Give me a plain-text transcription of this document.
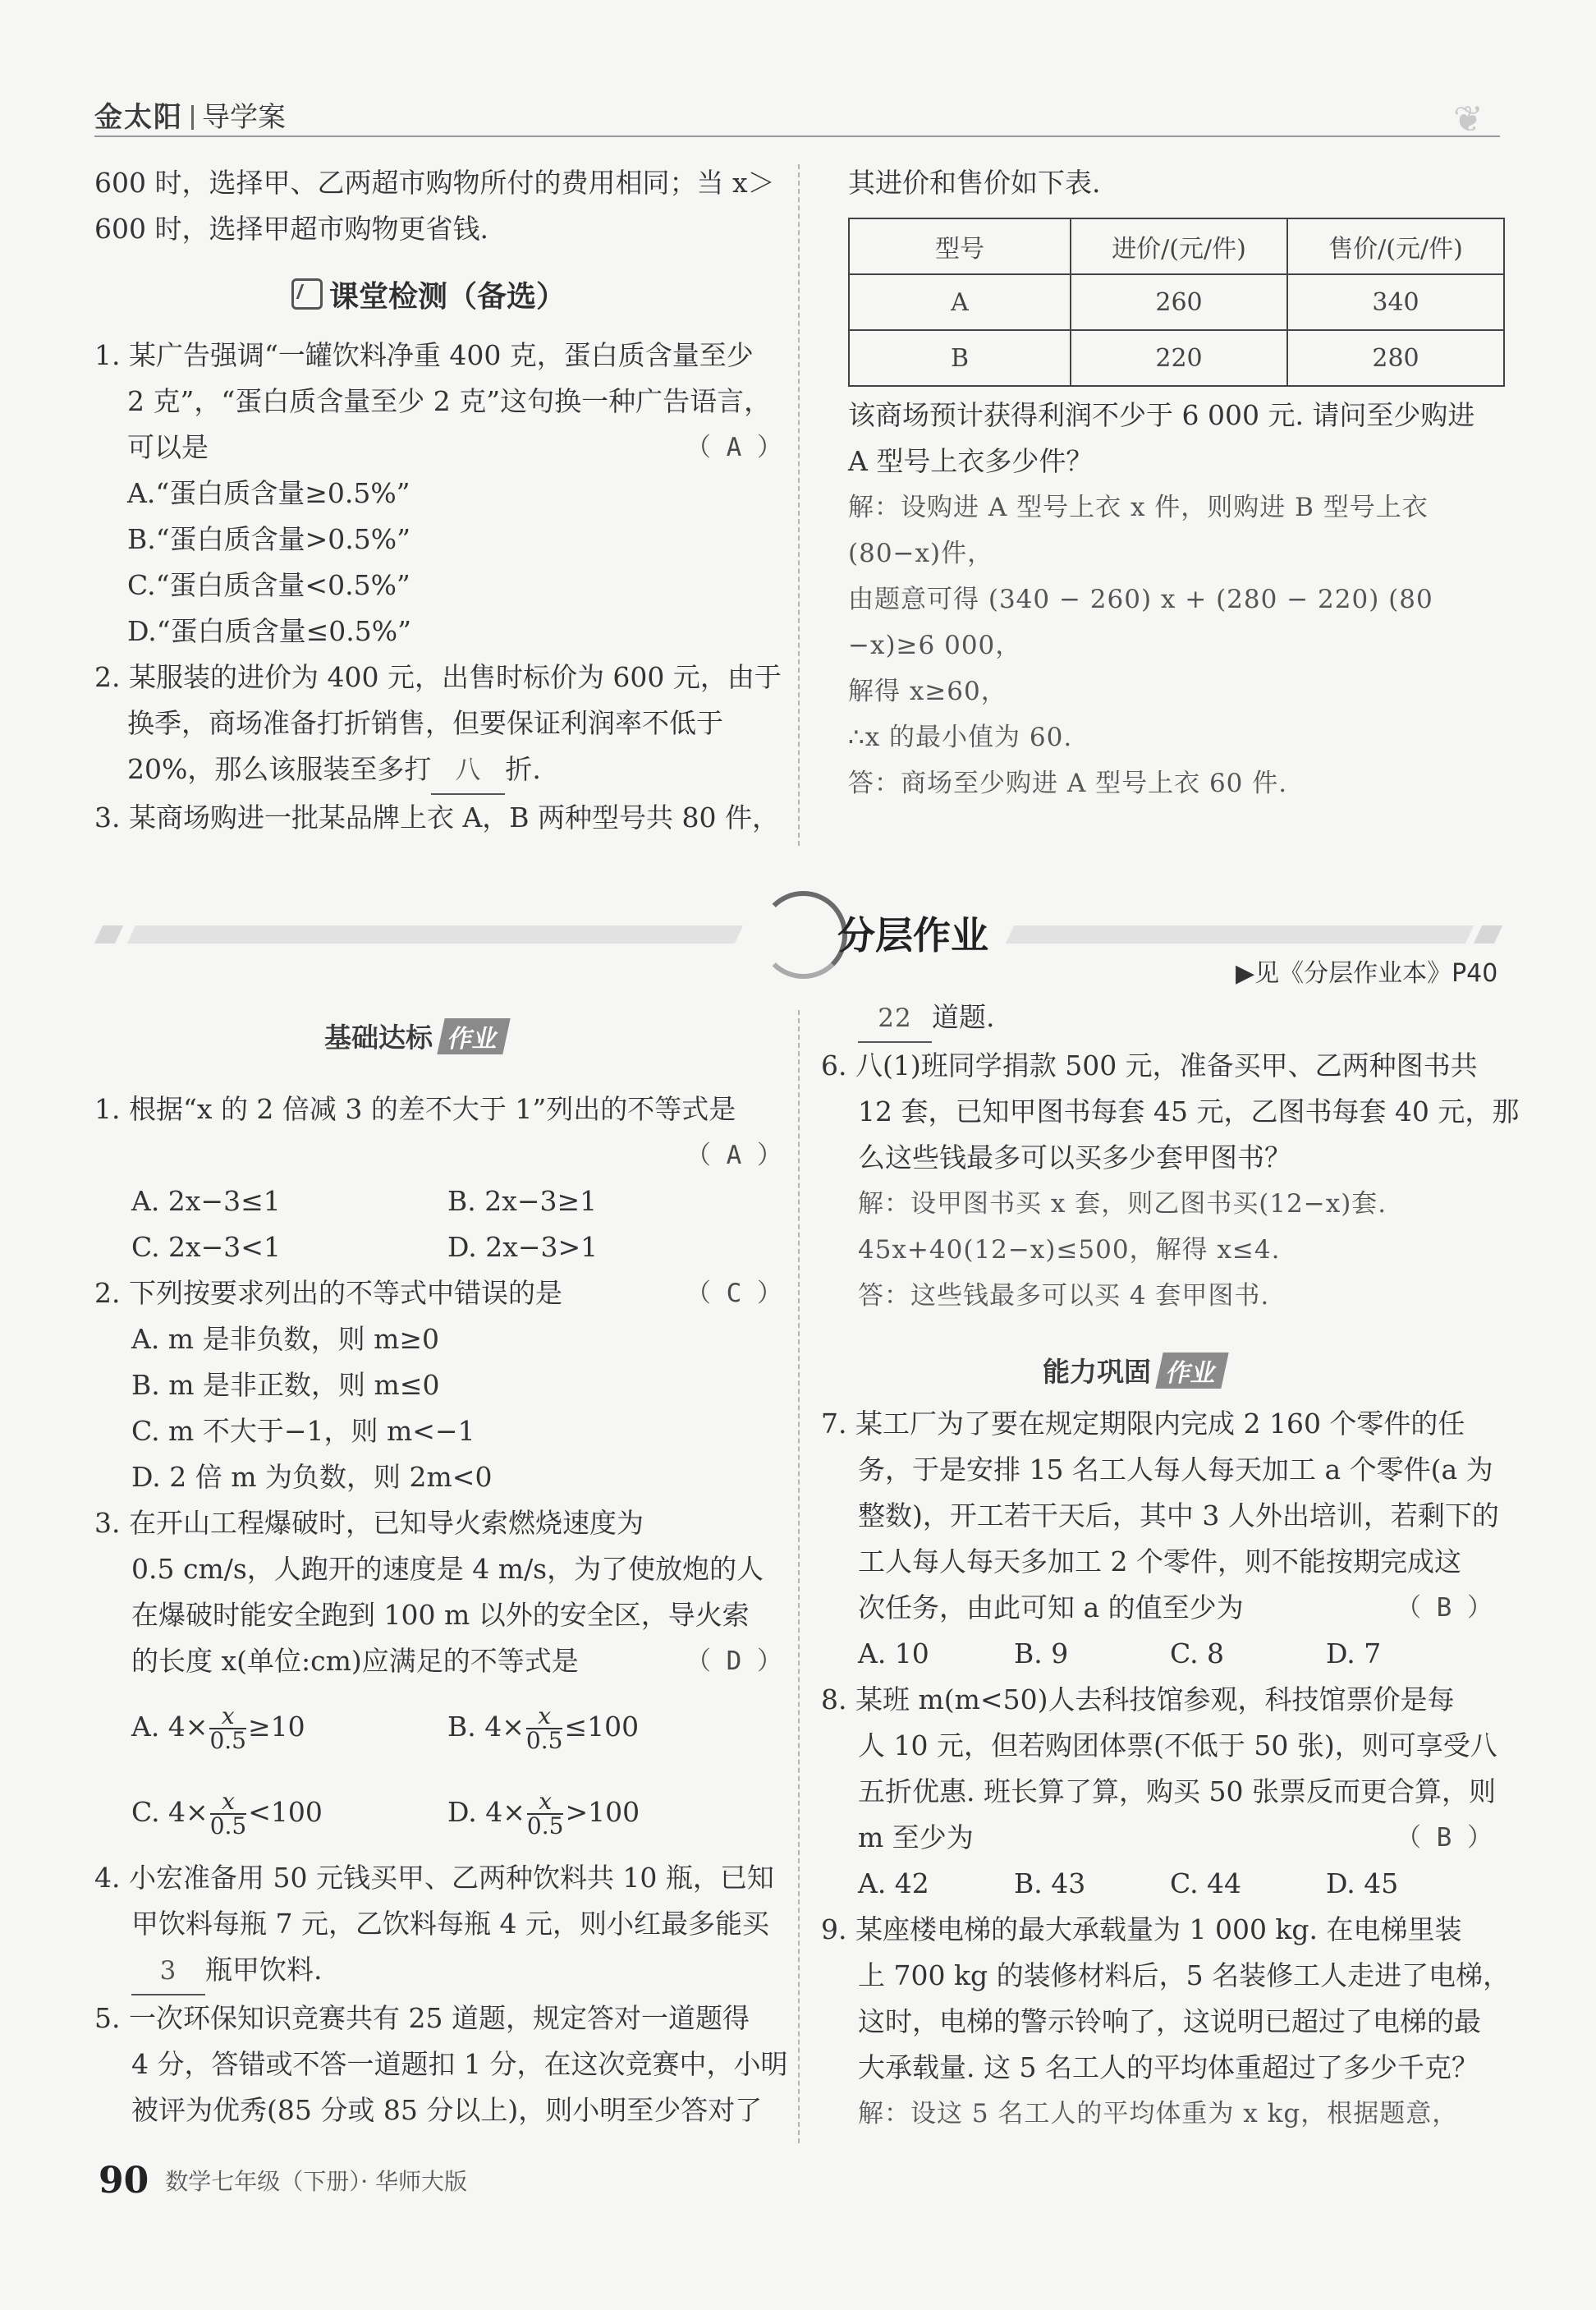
金太阳 导学案	❦

600 时，选择甲、乙两超市购物所付的费用相同；当 x＞

600 时，选择甲超市购物更省钱.

课堂检测（备选）

1. 某广告强调“一罐饮料净重 400 克，蛋白质含量至少

2 克”，“蛋白质含量至少 2 克”这句换一种广告语言，

可以是	（ A ）

A.“蛋白质含量≥0.5%”

B.“蛋白质含量>0.5%”

C.“蛋白质含量<0.5%”

D.“蛋白质含量≤0.5%”

2. 某服装的进价为 400 元，出售时标价为 600 元，由于

换季，商场准备打折销售，但要保证利润率不低于

20%，那么该服装至多打 八 折.

3. 某商场购进一批某品牌上衣 A，B 两种型号共 80 件，

其进价和售价如下表.

型号	进价/(元/件)	售价/(元/件)
A	260	340
B	220	280

该商场预计获得利润不少于 6 000 元. 请问至少购进

A 型号上衣多少件？

解：设购进 A 型号上衣 x 件，则购进 B 型号上衣

(80−x)件，

由题意可得 (340 − 260) x + (280 − 220) (80

−x)≥6 000，

解得 x≥60，

∴x 的最小值为 60.

答：商场至少购进 A 型号上衣 60 件.

分层作业
▶见《分层作业本》P40
基础达标 作业
能力巩固 作业

1. 根据“x 的 2 倍减 3 的差不大于 1”列出的不等式是

（ A ）

A. 2x−3≤1	B. 2x−3≥1

C. 2x−3<1	D. 2x−3>1

2. 下列按要求列出的不等式中错误的是	（ C ）

A. m 是非负数，则 m≥0

B. m 是非正数，则 m≤0

C. m 不大于−1，则 m<−1

D. 2 倍 m 为负数，则 2m<0

3. 在开山工程爆破时，已知导火索燃烧速度为

0.5 cm/s，人跑开的速度是 4 m/s，为了使放炮的人

在爆破时能安全跑到 100 m 以外的安全区，导火索

的长度 x(单位:cm)应满足的不等式是	（ D ）

A. $4\times \frac{x}{0.5} \ge 10$	B. $4\times \frac{x}{0.5} \le 100$

C. $4\times \frac{x}{0.5} <100$	D. $4\times \frac{x}{0.5} >100$

4. 小宏准备用 50 元钱买甲、乙两种饮料共 10 瓶，已知

甲饮料每瓶 7 元，乙饮料每瓶 4 元，则小红最多能买

3 瓶甲饮料.

5. 一次环保知识竞赛共有 25 道题，规定答对一道题得

4 分，答错或不答一道题扣 1 分，在这次竞赛中，小明

被评为优秀(85 分或 85 分以上)，则小明至少答对了

22 道题.

6. 八(1)班同学捐款 500 元，准备买甲、乙两种图书共

12 套，已知甲图书每套 45 元，乙图书每套 40 元，那

么这些钱最多可以买多少套甲图书？

解：设甲图书买 x 套，则乙图书买(12−x)套.

45x+40(12−x)≤500，解得 x≤4.

答：这些钱最多可以买 4 套甲图书.

7. 某工厂为了要在规定期限内完成 2 160 个零件的任

务，于是安排 15 名工人每人每天加工 a 个零件(a 为

整数)，开工若干天后，其中 3 人外出培训，若剩下的

工人每人每天多加工 2 个零件，则不能按期完成这

次任务，由此可知 a 的值至少为	（ B ）

A. 10	B. 9	C. 8	D. 7

8. 某班 m(m<50)人去科技馆参观，科技馆票价是每

人 10 元，但若购团体票(不低于 50 张)，则可享受八

五折优惠. 班长算了算，购买 50 张票反而更合算，则

m 至少为	（ B ）

A. 42	B. 43	C. 44	D. 45

9. 某座楼电梯的最大承载量为 1 000 kg. 在电梯里装

上 700 kg 的装修材料后，5 名装修工人走进了电梯，

这时，电梯的警示铃响了，这说明已超过了电梯的最

大承载量. 这 5 名工人的平均体重超过了多少千克？

解：设这 5 名工人的平均体重为 x kg，根据题意，

90 数学七年级（下册）· 华师大版
